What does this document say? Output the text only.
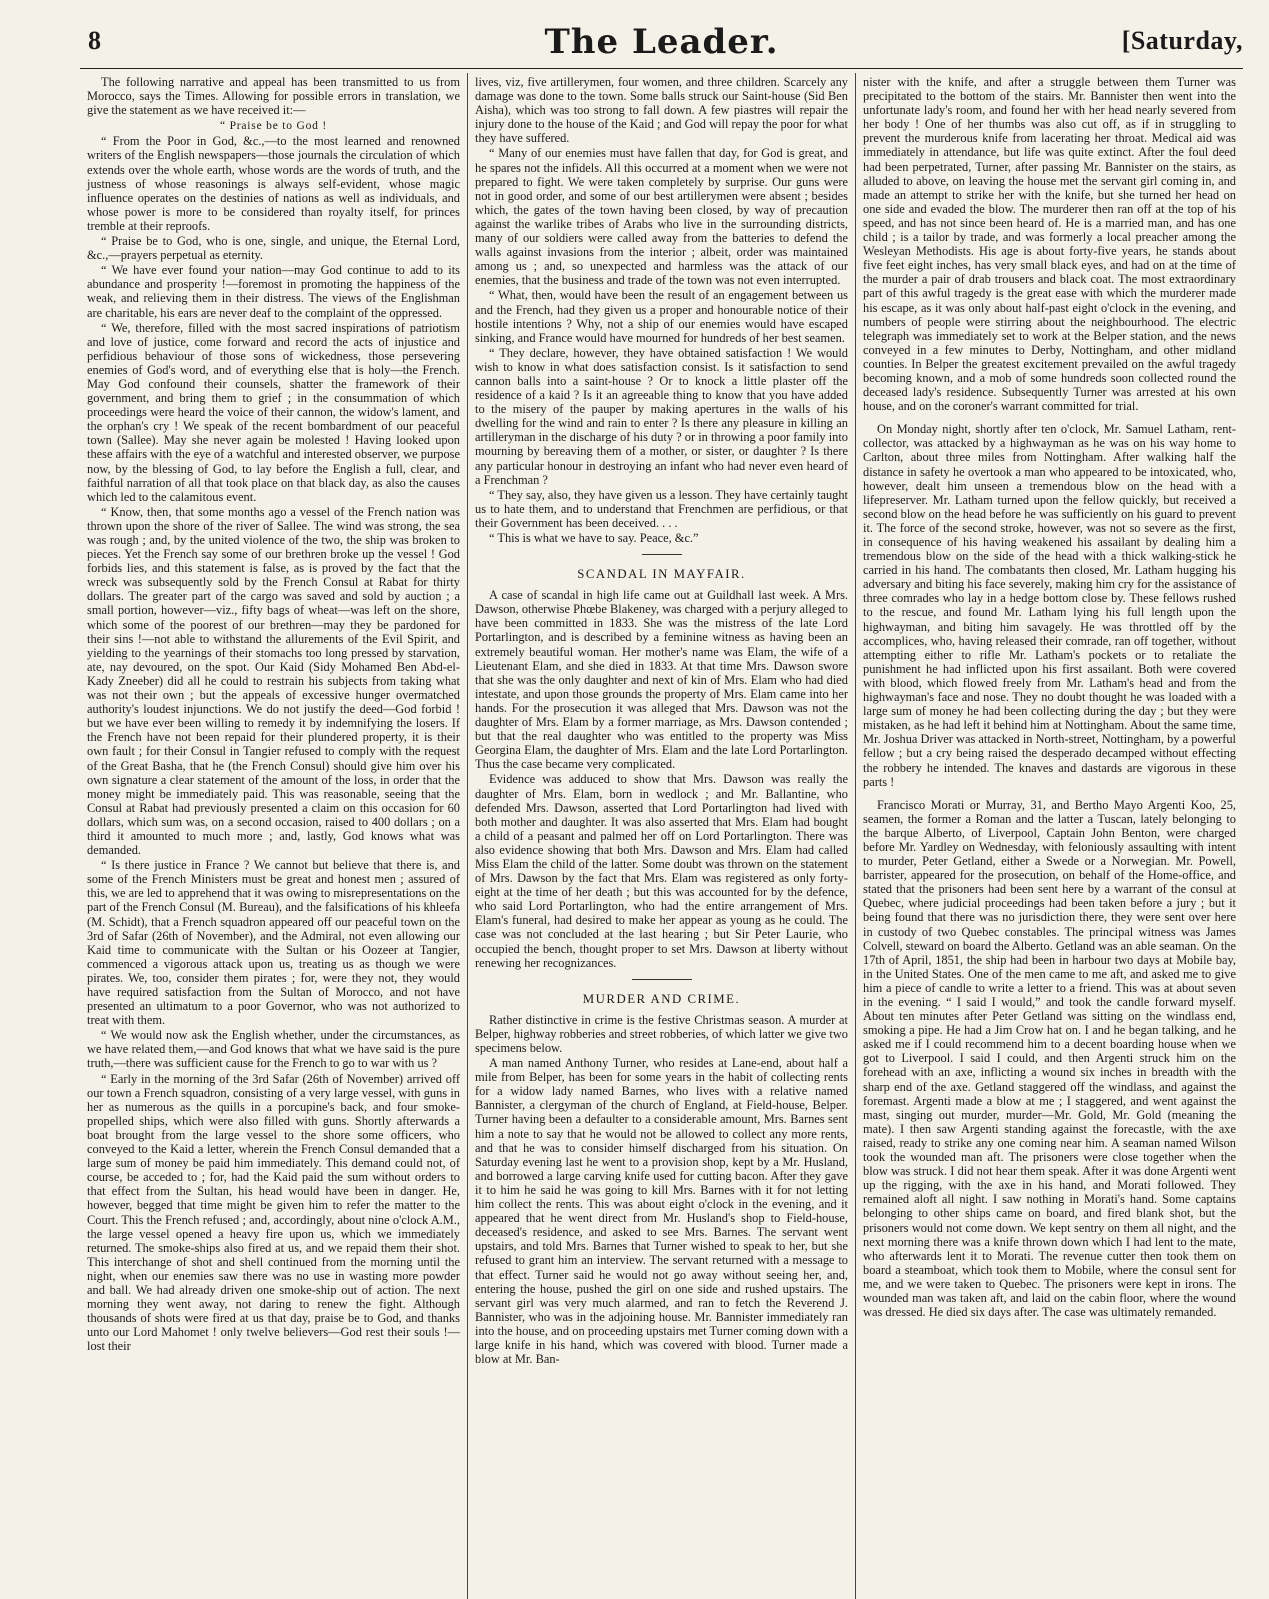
8	The Leader.	[Saturday,

The following narrative and appeal has been transmitted to us from Morocco, says the Times. Allowing for possible errors in translation, we give the statement as we have received it:—

“ Praise be to God !

“ From the Poor in God, &c.,—to the most learned and renowned writers of the English newspapers—those journals the circulation of which extends over the whole earth, whose words are the words of truth, and the justness of whose reasonings is always self-evident, whose magic influence operates on the destinies of nations as well as individuals, and whose power is more to be considered than royalty itself, for princes tremble at their reproofs.

“ Praise be to God, who is one, single, and unique, the Eternal Lord, &c.,—prayers perpetual as eternity.

“ We have ever found your nation—may God continue to add to its abundance and prosperity !—foremost in promoting the happiness of the weak, and relieving them in their distress. The views of the Englishman are charitable, his ears are never deaf to the complaint of the oppressed.

“ We, therefore, filled with the most sacred inspirations of patriotism and love of justice, come forward and record the acts of injustice and perfidious behaviour of those sons of wickedness, those persevering enemies of God's word, and of everything else that is holy—the French. May God confound their counsels, shatter the framework of their government, and bring them to grief ; in the consummation of which proceedings were heard the voice of their cannon, the widow's lament, and the orphan's cry ! We speak of the recent bombardment of our peaceful town (Sallee). May she never again be molested ! Having looked upon these affairs with the eye of a watchful and interested observer, we purpose now, by the blessing of God, to lay before the English a full, clear, and faithful narration of all that took place on that black day, as also the causes which led to the calamitous event.

“ Know, then, that some months ago a vessel of the French nation was thrown upon the shore of the river of Sallee. The wind was strong, the sea was rough ; and, by the united violence of the two, the ship was broken to pieces. Yet the French say some of our brethren broke up the vessel ! God forbids lies, and this statement is false, as is proved by the fact that the wreck was subsequently sold by the French Consul at Rabat for thirty dollars. The greater part of the cargo was saved and sold by auction ; a small portion, however—viz., fifty bags of wheat—was left on the shore, which some of the poorest of our brethren—may they be pardoned for their sins !—not able to withstand the allurements of the Evil Spirit, and yielding to the yearnings of their stomachs too long pressed by starvation, ate, nay devoured, on the spot. Our Kaid (Sidy Mohamed Ben Abd-el-Kady Zneeber) did all he could to restrain his subjects from taking what was not their own ; but the appeals of excessive hunger overmatched authority's loudest injunctions. We do not justify the deed—God forbid ! but we have ever been willing to remedy it by indemnifying the losers. If the French have not been repaid for their plundered property, it is their own fault ; for their Consul in Tangier refused to comply with the request of the Great Basha, that he (the French Consul) should give him over his own signature a clear statement of the amount of the loss, in order that the money might be immediately paid. This was reasonable, seeing that the Consul at Rabat had previously presented a claim on this occasion for 60 dollars, which sum was, on a second occasion, raised to 400 dollars ; on a third it amounted to much more ; and, lastly, God knows what was demanded.

“ Is there justice in France ? We cannot but believe that there is, and some of the French Ministers must be great and honest men ; assured of this, we are led to apprehend that it was owing to misrepresentations on the part of the French Consul (M. Bureau), and the falsifications of his khleefa (M. Schidt), that a French squadron appeared off our peaceful town on the 3rd of Safar (26th of November), and the Admiral, not even allowing our Kaid time to communicate with the Sultan or his Oozeer at Tangier, commenced a vigorous attack upon us, treating us as though we were pirates. We, too, consider them pirates ; for, were they not, they would have required satisfaction from the Sultan of Morocco, and not have presented an ultimatum to a poor Governor, who was not authorized to treat with them.

“ We would now ask the English whether, under the circumstances, as we have related them,—and God knows that what we have said is the pure truth,—there was sufficient cause for the French to go to war with us ?

“ Early in the morning of the 3rd Safar (26th of November) arrived off our town a French squadron, consisting of a very large vessel, with guns in her as numerous as the quills in a porcupine's back, and four smoke-propelled ships, which were also filled with guns. Shortly afterwards a boat brought from the large vessel to the shore some officers, who conveyed to the Kaid a letter, wherein the French Consul demanded that a large sum of money be paid him immediately. This demand could not, of course, be acceded to ; for, had the Kaid paid the sum without orders to that effect from the Sultan, his head would have been in danger. He, however, begged that time might be given him to refer the matter to the Court. This the French refused ; and, accordingly, about nine o'clock A.M., the large vessel opened a heavy fire upon us, which we immediately returned. The smoke-ships also fired at us, and we repaid them their shot. This interchange of shot and shell continued from the morning until the night, when our enemies saw there was no use in wasting more powder and ball. We had already driven one smoke-ship out of action. The next morning they went away, not daring to renew the fight. Although thousands of shots were fired at us that day, praise be to God, and thanks unto our Lord Mahomet ! only twelve believers—God rest their souls !—lost their

lives, viz, five artillerymen, four women, and three children. Scarcely any damage was done to the town. Some balls struck our Saint-house (Sid Ben Aisha), which was too strong to fall down. A few piastres will repair the injury done to the house of the Kaid ; and God will repay the poor for what they have suffered.

“ Many of our enemies must have fallen that day, for God is great, and he spares not the infidels. All this occurred at a moment when we were not prepared to fight. We were taken completely by surprise. Our guns were not in good order, and some of our best artillerymen were absent ; besides which, the gates of the town having been closed, by way of precaution against the warlike tribes of Arabs who live in the surrounding districts, many of our soldiers were called away from the batteries to defend the walls against invasions from the interior ; albeit, order was maintained among us ; and, so unexpected and harmless was the attack of our enemies, that the business and trade of the town was not even interrupted.

“ What, then, would have been the result of an engagement between us and the French, had they given us a proper and honourable notice of their hostile intentions ? Why, not a ship of our enemies would have escaped sinking, and France would have mourned for hundreds of her best seamen.

“ They declare, however, they have obtained satisfaction ! We would wish to know in what does satisfaction consist. Is it satisfaction to send cannon balls into a saint-house ? Or to knock a little plaster off the residence of a kaid ? Is it an agreeable thing to know that you have added to the misery of the pauper by making apertures in the walls of his dwelling for the wind and rain to enter ? Is there any pleasure in killing an artilleryman in the discharge of his duty ? or in throwing a poor family into mourning by bereaving them of a mother, or sister, or daughter ? Is there any particular honour in destroying an infant who had never even heard of a Frenchman ?

“ They say, also, they have given us a lesson. They have certainly taught us to hate them, and to understand that Frenchmen are perfidious, or that their Government has been deceived. . . .

“ This is what we have to say. Peace, &c.”

SCANDAL IN MAYFAIR.

A case of scandal in high life came out at Guildhall last week. A Mrs. Dawson, otherwise Phœbe Blakeney, was charged with a perjury alleged to have been committed in 1833. She was the mistress of the late Lord Portarlington, and is described by a feminine witness as having been an extremely beautiful woman. Her mother's name was Elam, the wife of a Lieutenant Elam, and she died in 1833. At that time Mrs. Dawson swore that she was the only daughter and next of kin of Mrs. Elam who had died intestate, and upon those grounds the property of Mrs. Elam came into her hands. For the prosecution it was alleged that Mrs. Dawson was not the daughter of Mrs. Elam by a former marriage, as Mrs. Dawson contended ; but that the real daughter who was entitled to the property was Miss Georgina Elam, the daughter of Mrs. Elam and the late Lord Portarlington. Thus the case became very complicated.

Evidence was adduced to show that Mrs. Dawson was really the daughter of Mrs. Elam, born in wedlock ; and Mr. Ballantine, who defended Mrs. Dawson, asserted that Lord Portarlington had lived with both mother and daughter. It was also asserted that Mrs. Elam had bought a child of a peasant and palmed her off on Lord Portarlington. There was also evidence showing that both Mrs. Dawson and Mrs. Elam had called Miss Elam the child of the latter. Some doubt was thrown on the statement of Mrs. Dawson by the fact that Mrs. Elam was registered as only forty-eight at the time of her death ; but this was accounted for by the defence, who said Lord Portarlington, who had the entire arrangement of Mrs. Elam's funeral, had desired to make her appear as young as he could. The case was not concluded at the last hearing ; but Sir Peter Laurie, who occupied the bench, thought proper to set Mrs. Dawson at liberty without renewing her recognizances.

MURDER AND CRIME.

Rather distinctive in crime is the festive Christmas season. A murder at Belper, highway robberies and street robberies, of which latter we give two specimens below.

A man named Anthony Turner, who resides at Lane-end, about half a mile from Belper, has been for some years in the habit of collecting rents for a widow lady named Barnes, who lives with a relative named Bannister, a clergyman of the church of England, at Field-house, Belper. Turner having been a defaulter to a considerable amount, Mrs. Barnes sent him a note to say that he would not be allowed to collect any more rents, and that he was to consider himself discharged from his situation. On Saturday evening last he went to a provision shop, kept by a Mr. Husland, and borrowed a large carving knife used for cutting bacon. After they gave it to him he said he was going to kill Mrs. Barnes with it for not letting him collect the rents. This was about eight o'clock in the evening, and it appeared that he went direct from Mr. Husland's shop to Field-house, deceased's residence, and asked to see Mrs. Barnes. The servant went upstairs, and told Mrs. Barnes that Turner wished to speak to her, but she refused to grant him an interview. The servant returned with a message to that effect. Turner said he would not go away without seeing her, and, entering the house, pushed the girl on one side and rushed upstairs. The servant girl was very much alarmed, and ran to fetch the Reverend J. Bannister, who was in the adjoining house. Mr. Bannister immediately ran into the house, and on proceeding upstairs met Turner coming down with a large knife in his hand, which was covered with blood. Turner made a blow at Mr. Ban-

nister with the knife, and after a struggle between them Turner was precipitated to the bottom of the stairs. Mr. Bannister then went into the unfortunate lady's room, and found her with her head nearly severed from her body ! One of her thumbs was also cut off, as if in struggling to prevent the murderous knife from lacerating her throat. Medical aid was immediately in attendance, but life was quite extinct. After the foul deed had been perpetrated, Turner, after passing Mr. Bannister on the stairs, as alluded to above, on leaving the house met the servant girl coming in, and made an attempt to strike her with the knife, but she turned her head on one side and evaded the blow. The murderer then ran off at the top of his speed, and has not since been heard of. He is a married man, and has one child ; is a tailor by trade, and was formerly a local preacher among the Wesleyan Methodists. His age is about forty-five years, he stands about five feet eight inches, has very small black eyes, and had on at the time of the murder a pair of drab trousers and black coat. The most extraordinary part of this awful tragedy is the great ease with which the murderer made his escape, as it was only about half-past eight o'clock in the evening, and numbers of people were stirring about the neighbourhood. The electric telegraph was immediately set to work at the Belper station, and the news conveyed in a few minutes to Derby, Nottingham, and other midland counties. In Belper the greatest excitement prevailed on the awful tragedy becoming known, and a mob of some hundreds soon collected round the deceased lady's residence. Subsequently Turner was arrested at his own house, and on the coroner's warrant committed for trial.

On Monday night, shortly after ten o'clock, Mr. Samuel Latham, rent-collector, was attacked by a highwayman as he was on his way home to Carlton, about three miles from Nottingham. After walking half the distance in safety he overtook a man who appeared to be intoxicated, who, however, dealt him unseen a tremendous blow on the head with a lifepreserver. Mr. Latham turned upon the fellow quickly, but received a second blow on the head before he was sufficiently on his guard to prevent it. The force of the second stroke, however, was not so severe as the first, in consequence of his having weakened his assailant by dealing him a tremendous blow on the side of the head with a thick walking-stick he carried in his hand. The combatants then closed, Mr. Latham hugging his adversary and biting his face severely, making him cry for the assistance of three comrades who lay in a hedge bottom close by. These fellows rushed to the rescue, and found Mr. Latham lying his full length upon the highwayman, and biting him savagely. He was throttled off by the accomplices, who, having released their comrade, ran off together, without attempting either to rifle Mr. Latham's pockets or to retaliate the punishment he had inflicted upon his first assailant. Both were covered with blood, which flowed freely from Mr. Latham's head and from the highwayman's face and nose. They no doubt thought he was loaded with a large sum of money he had been collecting during the day ; but they were mistaken, as he had left it behind him at Nottingham. About the same time, Mr. Joshua Driver was attacked in North-street, Nottingham, by a powerful fellow ; but a cry being raised the desperado decamped without effecting the robbery he intended. The knaves and dastards are vigorous in these parts !

Francisco Morati or Murray, 31, and Bertho Mayo Argenti Koo, 25, seamen, the former a Roman and the latter a Tuscan, lately belonging to the barque Alberto, of Liverpool, Captain John Benton, were charged before Mr. Yardley on Wednesday, with feloniously assaulting with intent to murder, Peter Getland, either a Swede or a Norwegian. Mr. Powell, barrister, appeared for the prosecution, on behalf of the Home-office, and stated that the prisoners had been sent here by a warrant of the consul at Quebec, where judicial proceedings had been taken before a jury ; but it being found that there was no jurisdiction there, they were sent over here in custody of two Quebec constables. The principal witness was James Colvell, steward on board the Alberto. Getland was an able seaman. On the 17th of April, 1851, the ship had been in harbour two days at Mobile bay, in the United States. One of the men came to me aft, and asked me to give him a piece of candle to write a letter to a friend. This was at about seven in the evening. “ I said I would,” and took the candle forward myself. About ten minutes after Peter Getland was sitting on the windlass end, smoking a pipe. He had a Jim Crow hat on. I and he began talking, and he asked me if I could recommend him to a decent boarding house when we got to Liverpool. I said I could, and then Argenti struck him on the forehead with an axe, inflicting a wound six inches in breadth with the sharp end of the axe. Getland staggered off the windlass, and against the foremast. Argenti made a blow at me ; I staggered, and went against the mast, singing out murder, murder—Mr. Gold, Mr. Gold (meaning the mate). I then saw Argenti standing against the forecastle, with the axe raised, ready to strike any one coming near him. A seaman named Wilson took the wounded man aft. The prisoners were close together when the blow was struck. I did not hear them speak. After it was done Argenti went up the rigging, with the axe in his hand, and Morati followed. They remained aloft all night. I saw nothing in Morati's hand. Some captains belonging to other ships came on board, and fired blank shot, but the prisoners would not come down. We kept sentry on them all night, and the next morning there was a knife thrown down which I had lent to the mate, who afterwards lent it to Morati. The revenue cutter then took them on board a steamboat, which took them to Mobile, where the consul sent for me, and we were taken to Quebec. The prisoners were kept in irons. The wounded man was taken aft, and laid on the cabin floor, where the wound was dressed. He died six days after. The case was ultimately remanded.
